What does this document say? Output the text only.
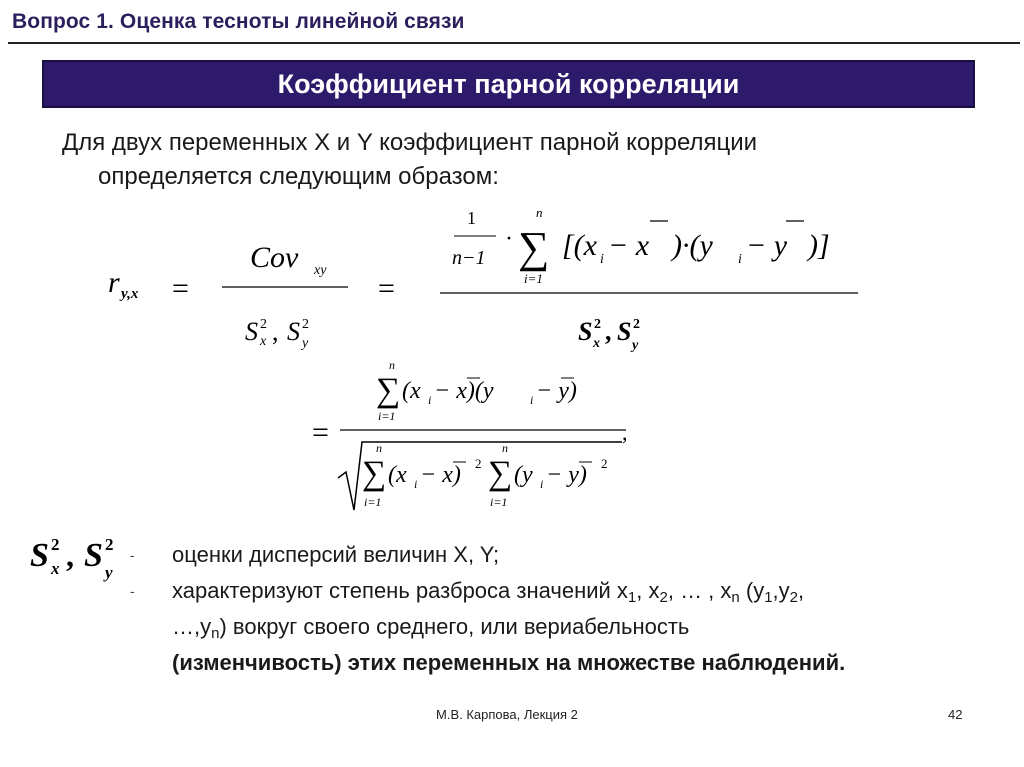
Вопрос 1. Оценка тесноты линейной связи
Коэффициент парной корреляции
Для двух переменных X и Y коэффициент парной корреляции
определяется следующим образом:
r y,x =
Cov xy
S 2
x , S 2
y
=
1
n−1
·
n
∑
i=1
[(x i − x )·(y i − y )]
S 2
x , S 2
y
=
n
∑
i=1
(x i − x)(y	i − y)
,
n
∑
i=1
(x i − x) 2
n
∑
i=1
(y i − y) 2
S 2
x , S 2
y
- оценки дисперсий величин X, Y;
- характеризуют степень разброса значений $x_1$, $x_2$, … , $x_n$ ($y_1,y_2$,
$\dots,y_n$) вокруг своего среднего, или вериабельность
(изменчивость) этих переменных на множестве наблюдений.
М.В. Карпова, Лекция 2	42
